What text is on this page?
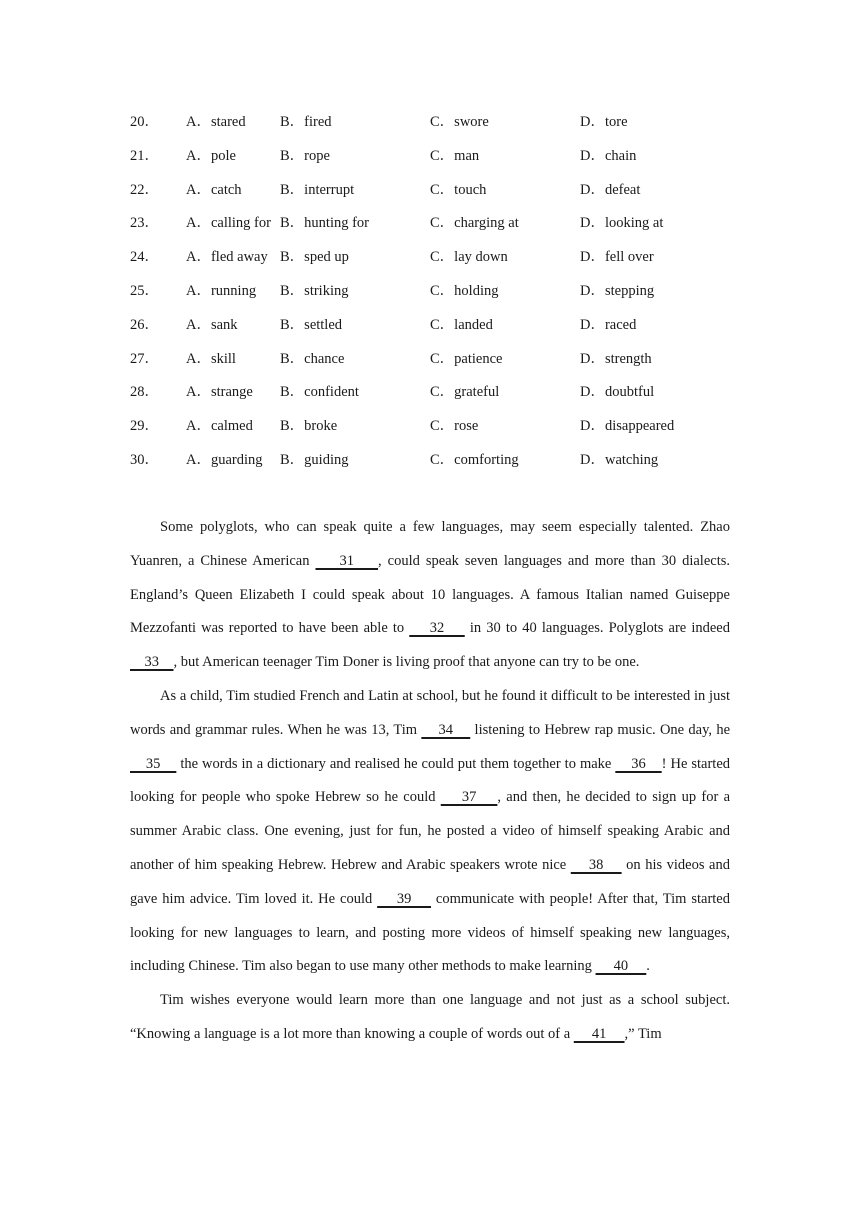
20． A．stared B．fired	C．swore	D．tore
21． A．pole	B．rope	C．man	D．chain
22． A．catch	B．interrupt	C．touch	D．defeat
23． A．calling for B．hunting for	C．charging at	D．looking at
24． A．fled away B．sped up	C．lay down	D．fell over
25． A．running B．striking	C．holding	D．stepping
26． A．sank	B．settled	C．landed	D．raced
27． A．skill	B．chance	C．patience	D．strength
28． A．strange B．confident	C．grateful	D．doubtful
29． A．calmed B．broke	C．rose	D．disappeared
30． A．guarding B．guiding	C．comforting	D．watching

Some polyglots, who can speak quite a few languages, may seem especially talented. Zhao Yuanren, a Chinese American     31    , could speak seven languages and more than 30 dialects. England’s Queen Elizabeth I could speak about 10 languages. A famous Italian named Guiseppe Mezzofanti was reported to have been able to     32     in 30 to 40 languages. Polyglots are indeed     33    , but American teenager Tim Doner is living proof that anyone can try to be one.

As a child, Tim studied French and Latin at school, but he found it difficult to be interested in just words and grammar rules. When he was 13, Tim     34     listening to Hebrew rap music. One day, he     35     the words in a dictionary and realised he could put them together to make     36    ! He started looking for people who spoke Hebrew so he could     37    , and then, he decided to sign up for a summer Arabic class. One evening, just for fun, he posted a video of himself speaking Arabic and another of him speaking Hebrew. Hebrew and Arabic speakers wrote nice     38     on his videos and gave him advice. Tim loved it. He could     39     communicate with people! After that, Tim started looking for new languages to learn, and posting more videos of himself speaking new languages, including Chinese. Tim also began to use many other methods to make learning      40     .

Tim wishes everyone would learn more than one language and not just as a school subject. “Knowing a language is a lot more than knowing a couple of words out of a      41     ,” Tim
